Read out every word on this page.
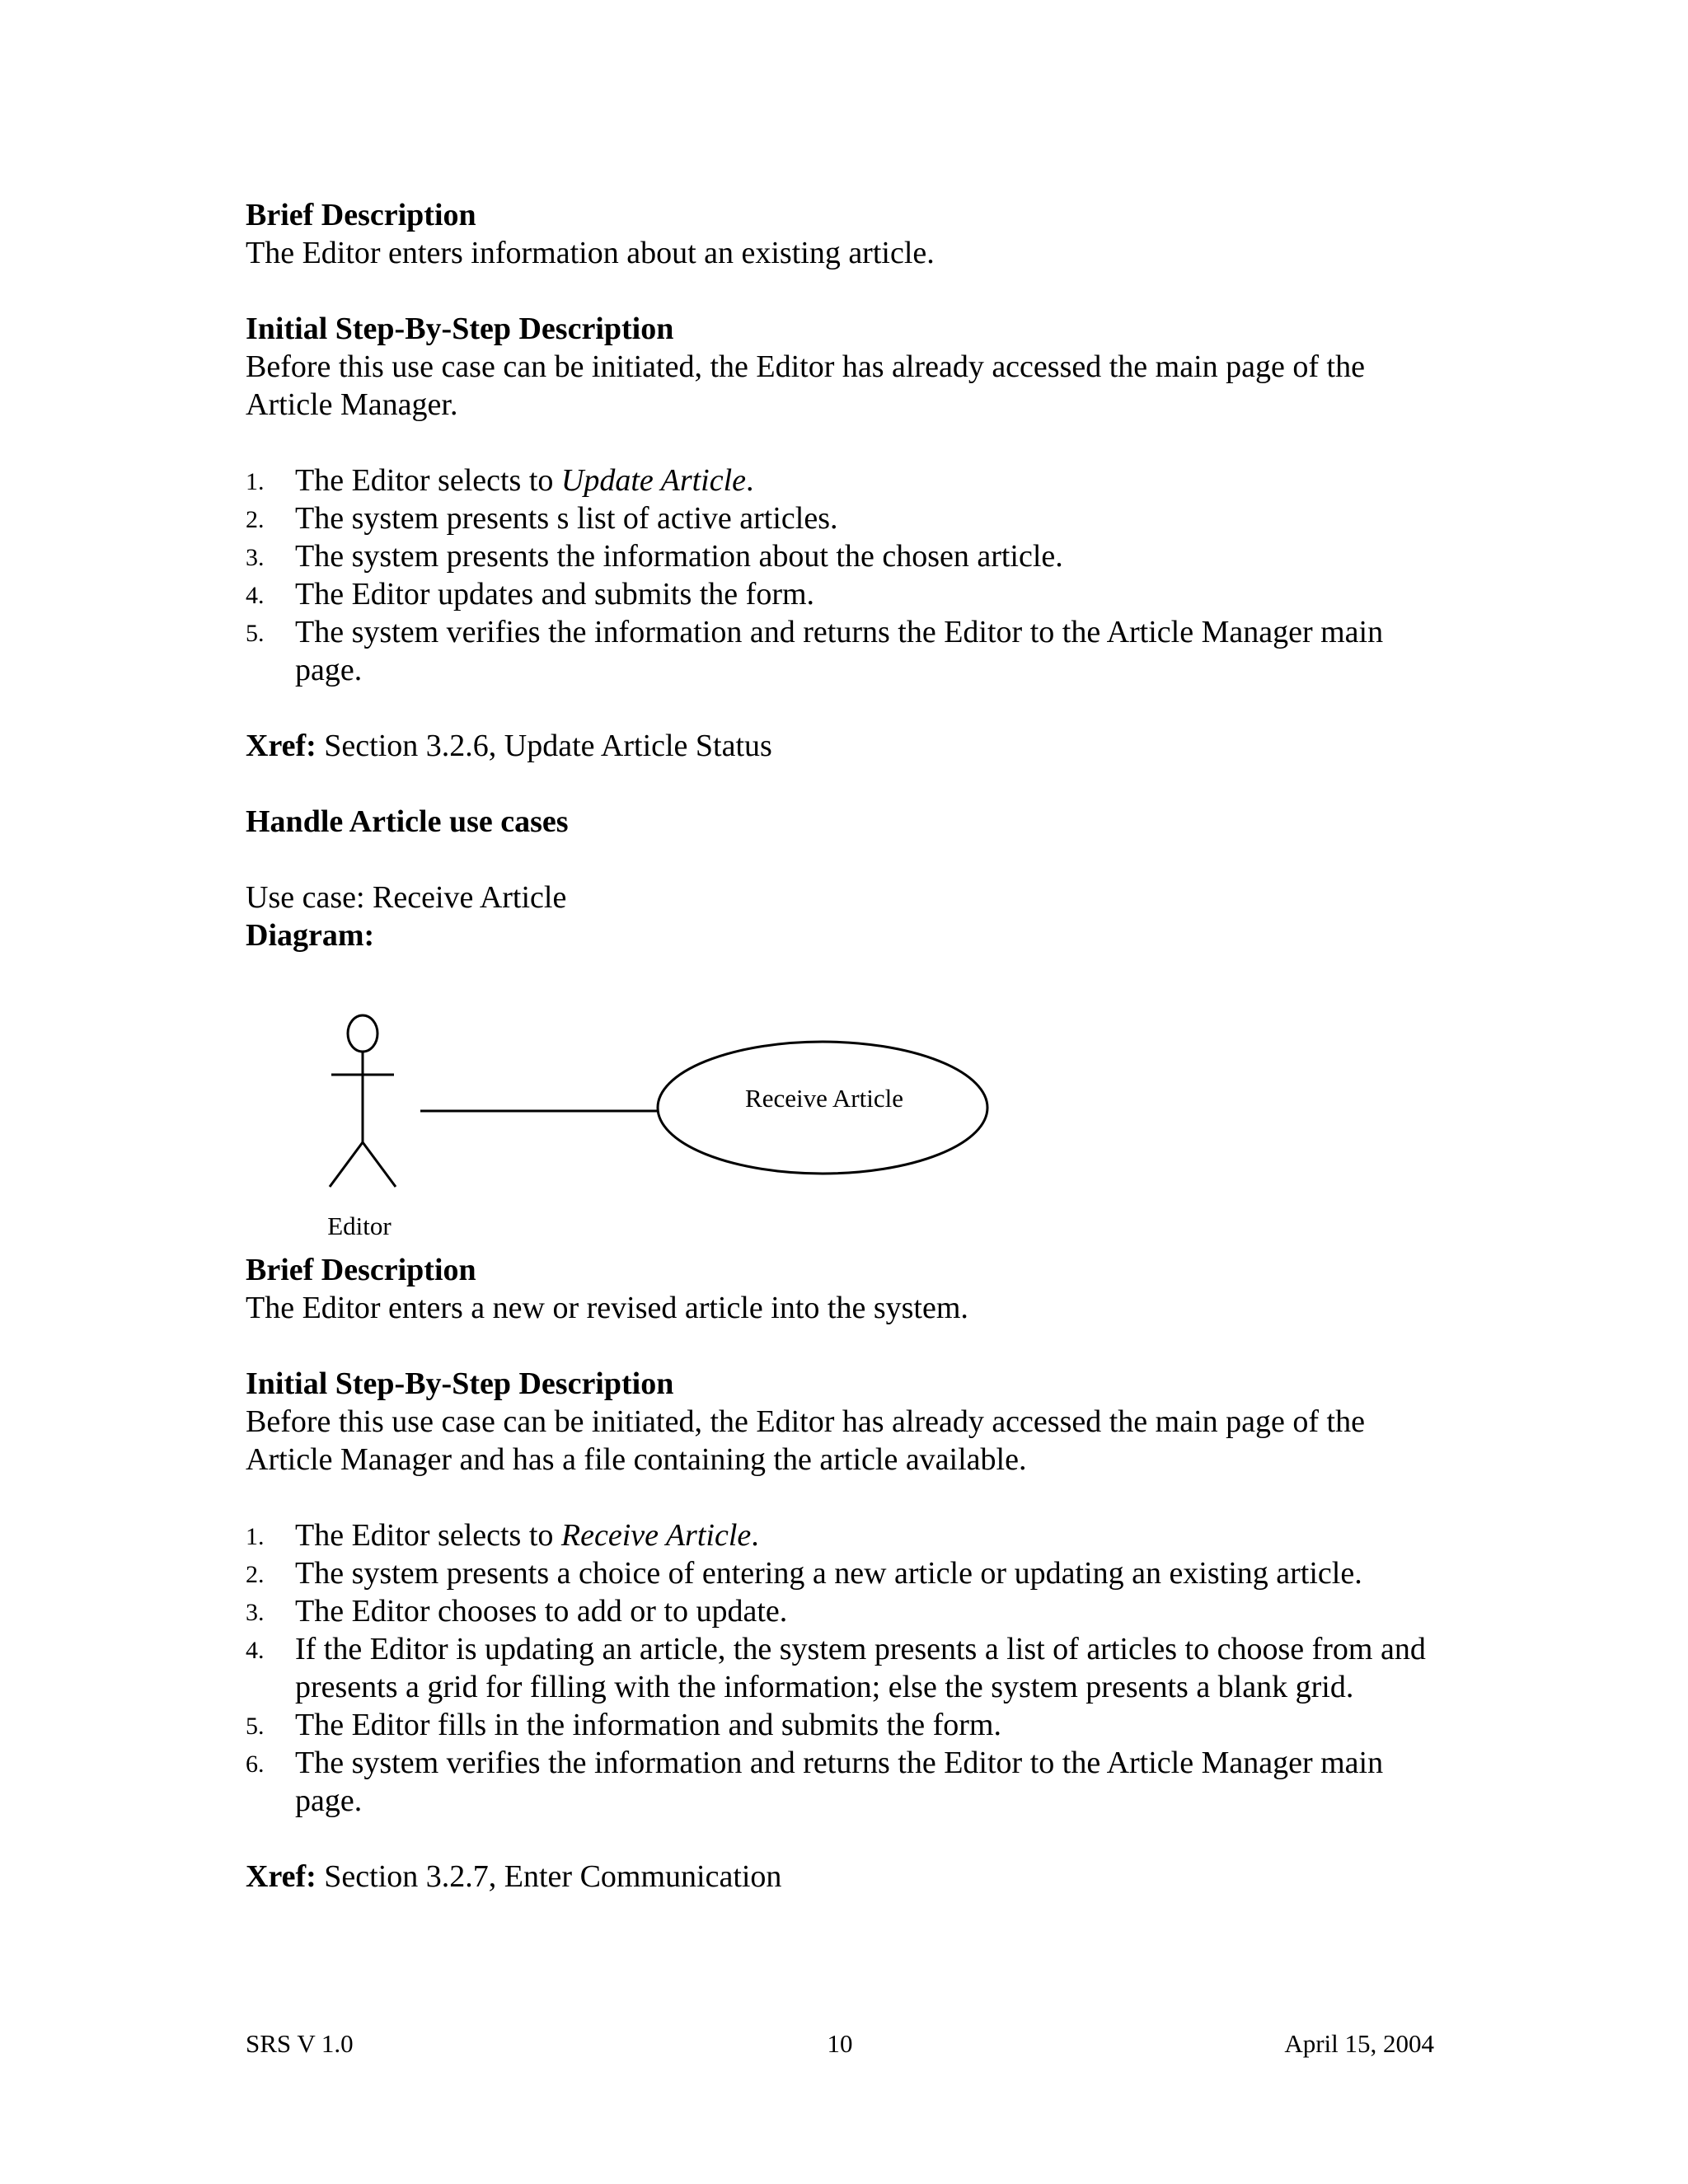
Brief Description

The Editor enters information about an existing article.

Initial Step-By-Step Description

Before this use case can be initiated, the Editor has already accessed the main page of the Article Manager.

1. The Editor selects to Update Article.
2. The system presents s list of active articles.
3. The system presents the information about the chosen article.
4. The Editor updates and submits the form.
5. The system verifies the information and returns the Editor to the Article Manager main page.

Xref: Section 3.2.6, Update Article Status

Handle Article use cases

Use case: Receive Article

Diagram:

Receive Article
Editor

Brief Description

The Editor enters a new or revised article into the system.

Initial Step-By-Step Description

Before this use case can be initiated, the Editor has already accessed the main page of the Article Manager and has a file containing the article available.

1. The Editor selects to Receive Article.
2. The system presents a choice of entering a new article or updating an existing article.
3. The Editor chooses to add or to update.
4. If the Editor is updating an article, the system presents a list of articles to choose from and presents a grid for filling with the information; else the system presents a blank grid.
5. The Editor fills in the information and submits the form.
6. The system verifies the information and returns the Editor to the Article Manager main page.

Xref: Section 3.2.7, Enter Communication

SRS V 1.0	10	April 15, 2004
